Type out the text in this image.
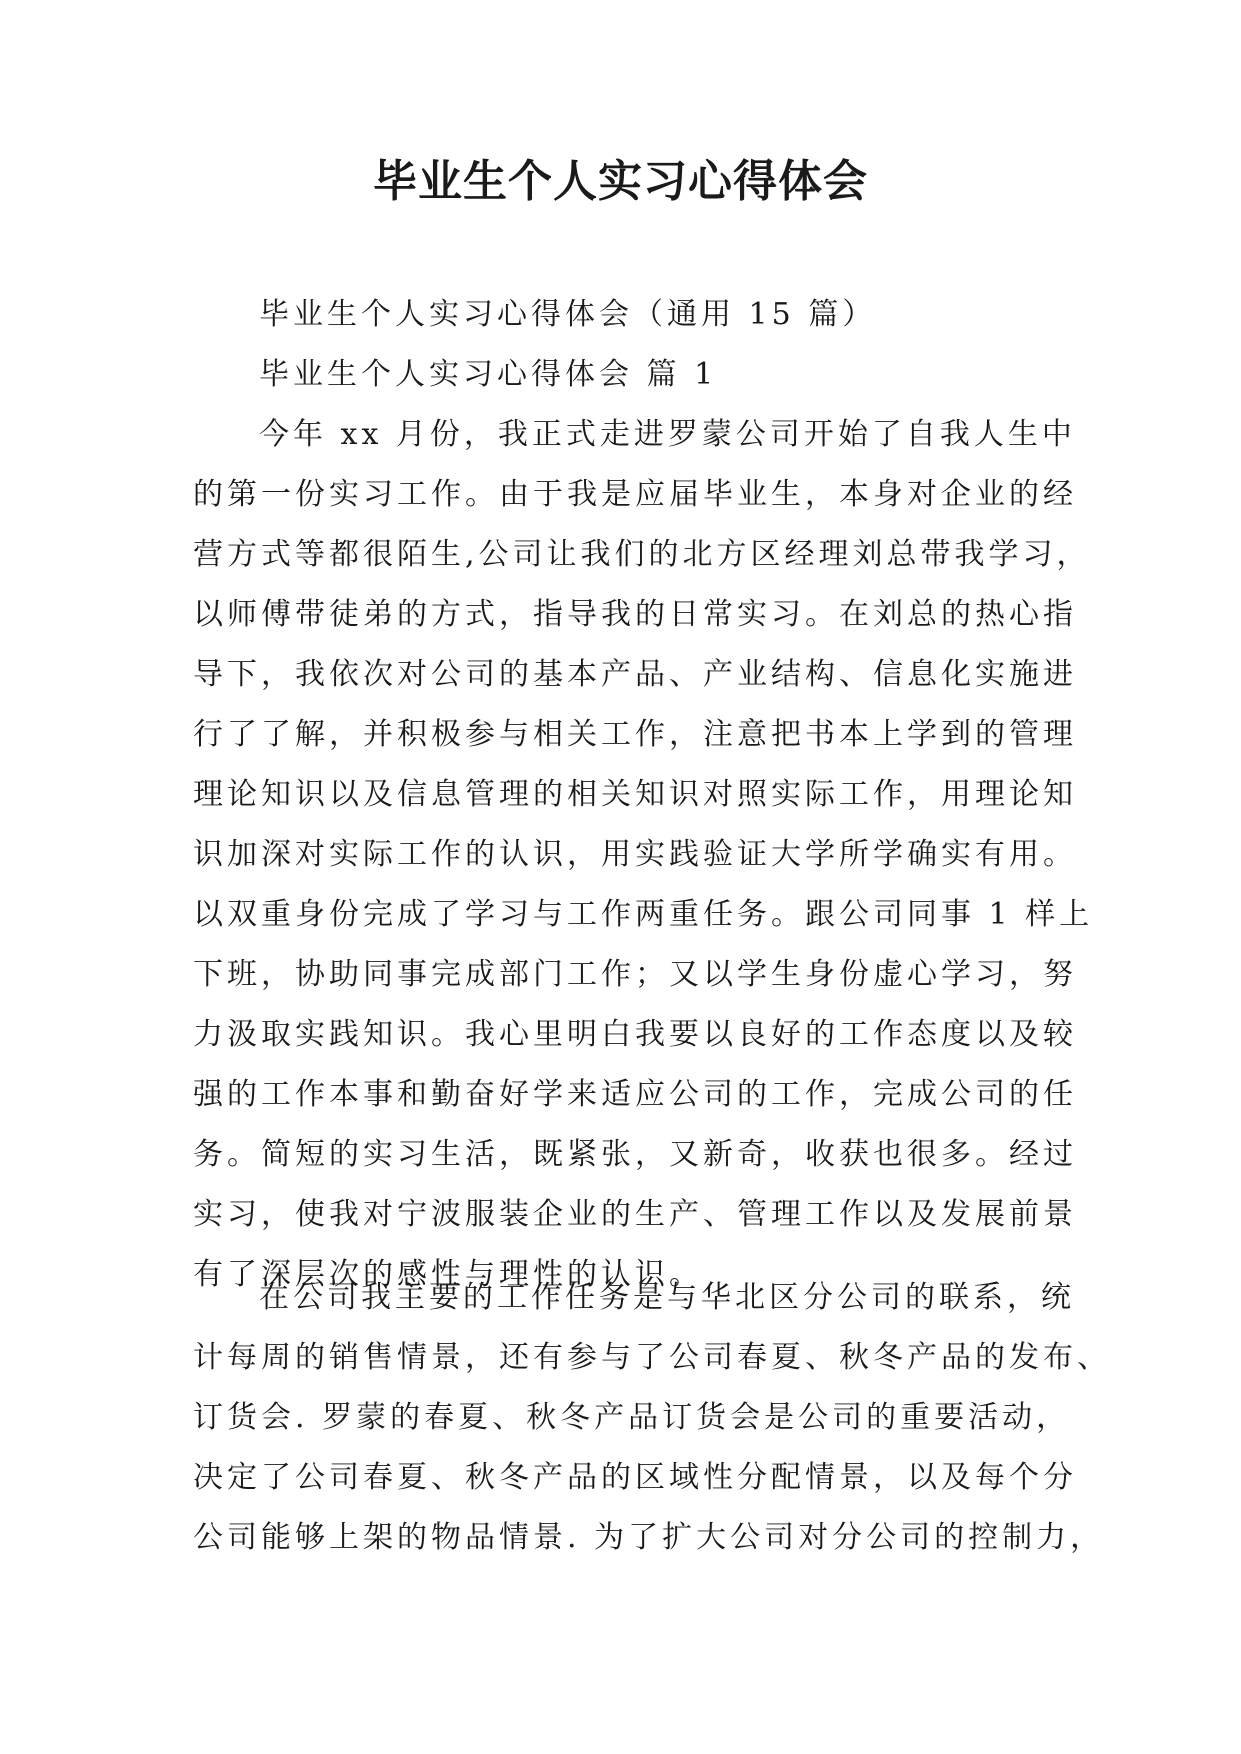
毕业生个人实习心得体会
毕业生个人实习心得体会（通用 15 篇）
毕业生个人实习心得体会 篇 1
今年 xx 月份，我正式走进罗蒙公司开始了自我人生中
的第一份实习工作。由于我是应届毕业生，本身对企业的经
营方式等都很陌生,公司让我们的北方区经理刘总带我学习，
以师傅带徒弟的方式，指导我的日常实习。在刘总的热心指
导下，我依次对公司的基本产品、产业结构、信息化实施进
行了了解，并积极参与相关工作，注意把书本上学到的管理
理论知识以及信息管理的相关知识对照实际工作，用理论知
识加深对实际工作的认识，用实践验证大学所学确实有用。
以双重身份完成了学习与工作两重任务。跟公司同事 1 样上
下班，协助同事完成部门工作；又以学生身份虚心学习，努
力汲取实践知识。我心里明白我要以良好的工作态度以及较
强的工作本事和勤奋好学来适应公司的工作，完成公司的任
务。简短的实习生活，既紧张，又新奇，收获也很多。经过
实习，使我对宁波服装企业的生产、管理工作以及发展前景
有了深层次的感性与理性的认识。
在公司我主要的工作任务是与华北区分公司的联系，统
计每周的销售情景，还有参与了公司春夏、秋冬产品的发布、
订货会. 罗蒙的春夏、秋冬产品订货会是公司的重要活动，
决定了公司春夏、秋冬产品的区域性分配情景，以及每个分
公司能够上架的物品情景. 为了扩大公司对分公司的控制力，
